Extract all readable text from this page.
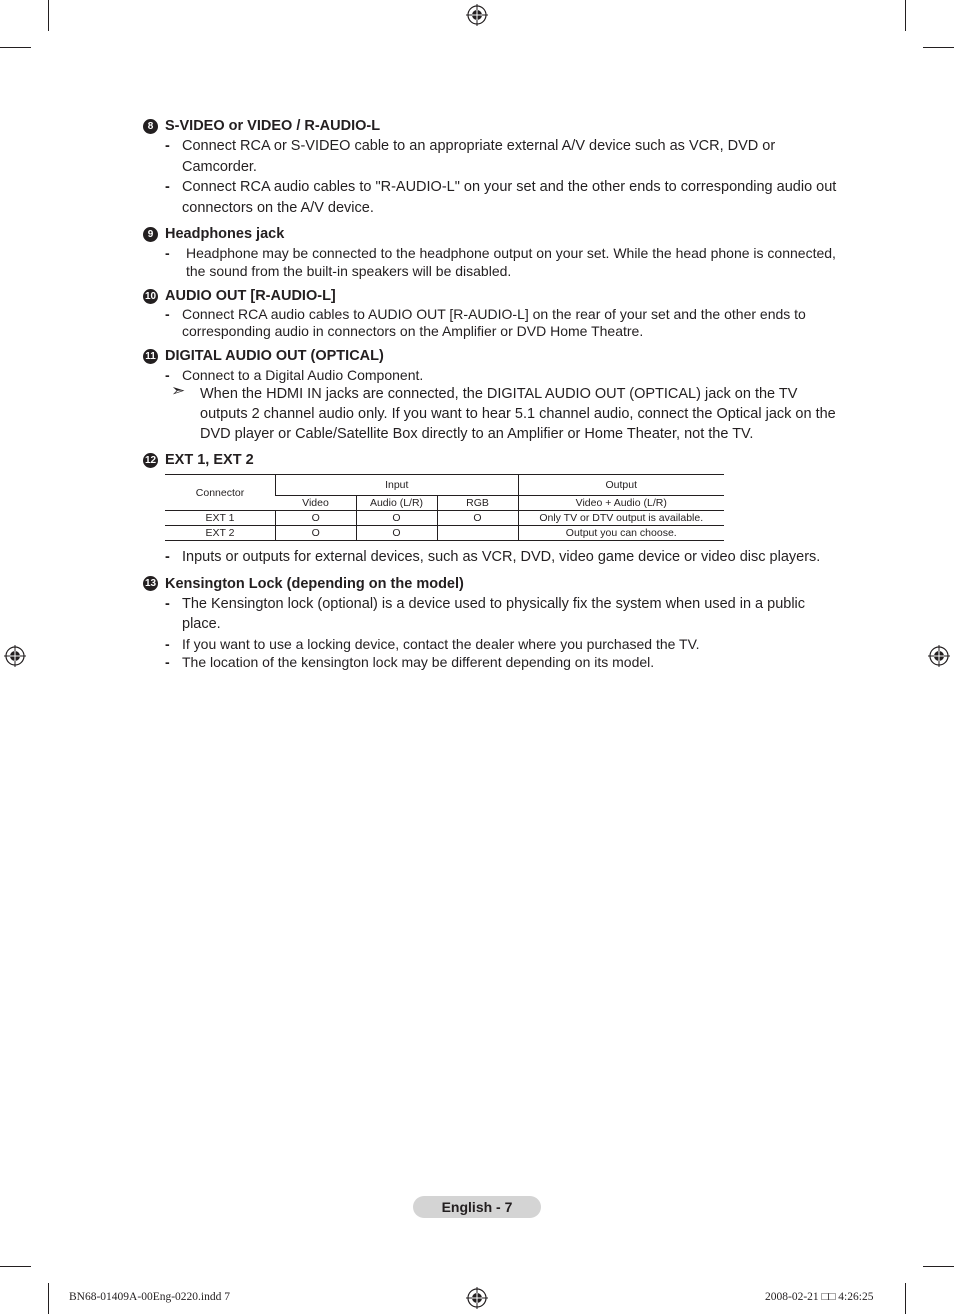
8 S-VIDEO or VIDEO / R-AUDIO-L
- Connect RCA or S-VIDEO cable to an appropriate external A/V device such as VCR, DVD or Camcorder.
- Connect RCA audio cables to "R-AUDIO-L" on your set and the other ends to corresponding audio out connectors on the A/V device.
9 Headphones jack
- Headphone may be connected to the headphone output on your set. While the head phone is connected, the sound from the built-in speakers will be disabled.
10 AUDIO OUT [R-AUDIO-L]
- Connect RCA audio cables to AUDIO OUT [R-AUDIO-L] on the rear of your set and the other ends to corresponding audio in connectors on the Amplifier or DVD Home Theatre.
11 DIGITAL AUDIO OUT (OPTICAL)
- Connect to a Digital Audio Component.
➣ When the HDMI IN jacks are connected, the DIGITAL AUDIO OUT (OPTICAL) jack on the TV outputs 2 channel audio only. If you want to hear 5.1 channel audio, connect the Optical jack on the DVD player or Cable/Satellite Box directly to an Amplifier or Home Theater, not the TV.
12 EXT 1, EXT 2
Connector	Input			Output
	Video	Audio (L/R)	RGB	Video + Audio (L/R)
EXT 1	O	O	O	Only TV or DTV output is available.
EXT 2	O	O		Output you can choose.
- Inputs or outputs for external devices, such as VCR, DVD, video game device or video disc players.
13 Kensington Lock (depending on the model)
- The Kensington lock (optional) is a device used to physically fix the system when used in a public place.
- If you want to use a locking device, contact the dealer where you purchased the TV.
- The location of the kensington lock may be different depending on its model.
English - 7
BN68-01409A-00Eng-0220.indd 7	2008-02-21 □□ 4:26:25
